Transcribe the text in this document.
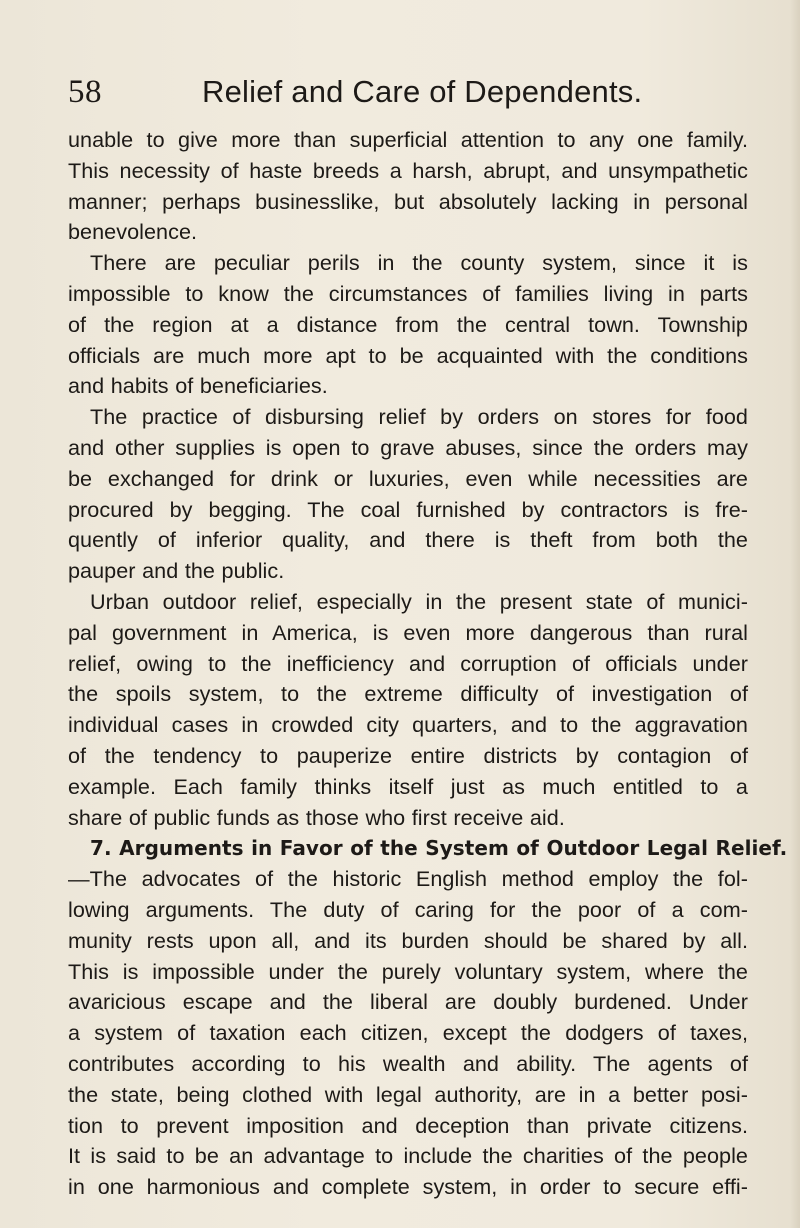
58	Relief and Care of Dependents.
unable to give more than superficial attention to any one family.
This necessity of haste breeds a harsh, abrupt, and unsympathetic
manner; perhaps businesslike, but absolutely lacking in personal
benevolence.
There are peculiar perils in the county system, since it is
impossible to know the circumstances of families living in parts
of the region at a distance from the central town. Township
officials are much more apt to be acquainted with the conditions
and habits of beneficiaries.
The practice of disbursing relief by orders on stores for food
and other supplies is open to grave abuses, since the orders may
be exchanged for drink or luxuries, even while necessities are
procured by begging. The coal furnished by contractors is fre-
quently of inferior quality, and there is theft from both the
pauper and the public.
Urban outdoor relief, especially in the present state of munici-
pal government in America, is even more dangerous than rural
relief, owing to the inefficiency and corruption of officials under
the spoils system, to the extreme difficulty of investigation of
individual cases in crowded city quarters, and to the aggravation
of the tendency to pauperize entire districts by contagion of
example. Each family thinks itself just as much entitled to a
share of public funds as those who first receive aid.
7. Arguments in Favor of the System of Outdoor Legal Relief.
—The advocates of the historic English method employ the fol-
lowing arguments. The duty of caring for the poor of a com-
munity rests upon all, and its burden should be shared by all.
This is impossible under the purely voluntary system, where the
avaricious escape and the liberal are doubly burdened. Under
a system of taxation each citizen, except the dodgers of taxes,
contributes according to his wealth and ability. The agents of
the state, being clothed with legal authority, are in a better posi-
tion to prevent imposition and deception than private citizens.
It is said to be an advantage to include the charities of the people
in one harmonious and complete system, in order to secure effi-
